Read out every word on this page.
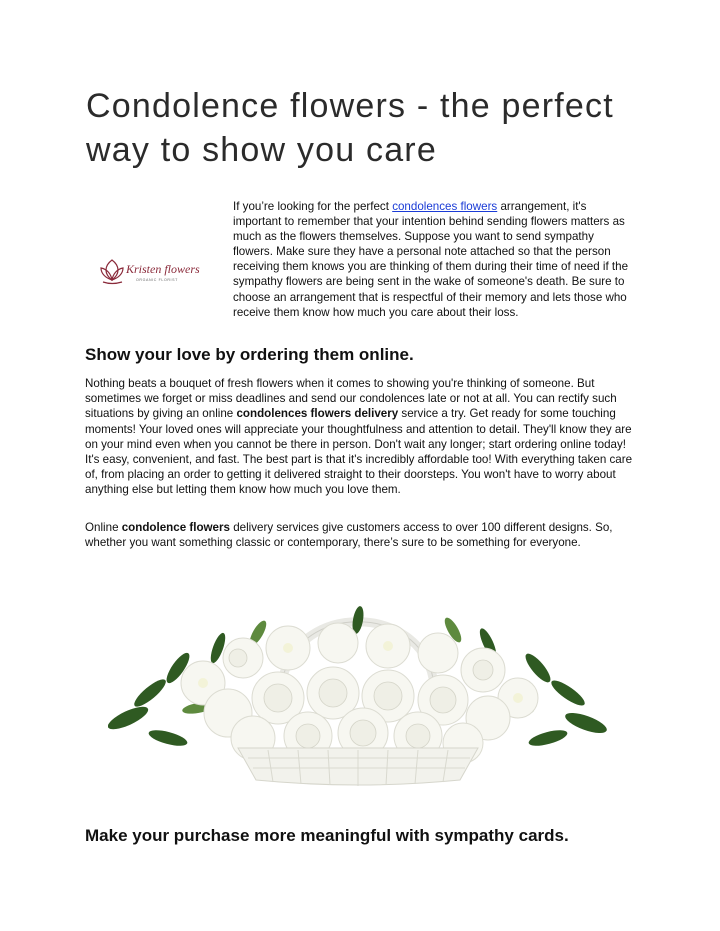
Condolence flowers - the perfect way to show you care
Kristen flowers
ORGANIC FLORIST

If you’re looking for the perfect condolences flowers arrangement, it's important to remember that your intention behind sending flowers matters as much as the flowers themselves. Suppose you want to send sympathy flowers. Make sure they have a personal note attached so that the person receiving them knows you are thinking of them during their time of need if the sympathy flowers are being sent in the wake of someone's death. Be sure to choose an arrangement that is respectful of their memory and lets those who receive them know how much you care about their loss.

Show your love by ordering them online.

Nothing beats a bouquet of fresh flowers when it comes to showing you're thinking of someone. But sometimes we forget or miss deadlines and send our condolences late or not at all. You can rectify such situations by giving an online condolences flowers delivery service a try. Get ready for some touching moments! Your loved ones will appreciate your thoughtfulness and attention to detail. They'll know they are on your mind even when you cannot be there in person. Don't wait any longer; start ordering online today! It's easy, convenient, and fast. The best part is that it's incredibly affordable too! With everything taken care of, from placing an order to getting it delivered straight to their doorsteps. You won't have to worry about anything else but letting them know how much you love them.

Online condolence flowers delivery services give customers access to over 100 different designs. So, whether you want something classic or contemporary, there’s sure to be something for everyone.

Make your purchase more meaningful with sympathy cards.
